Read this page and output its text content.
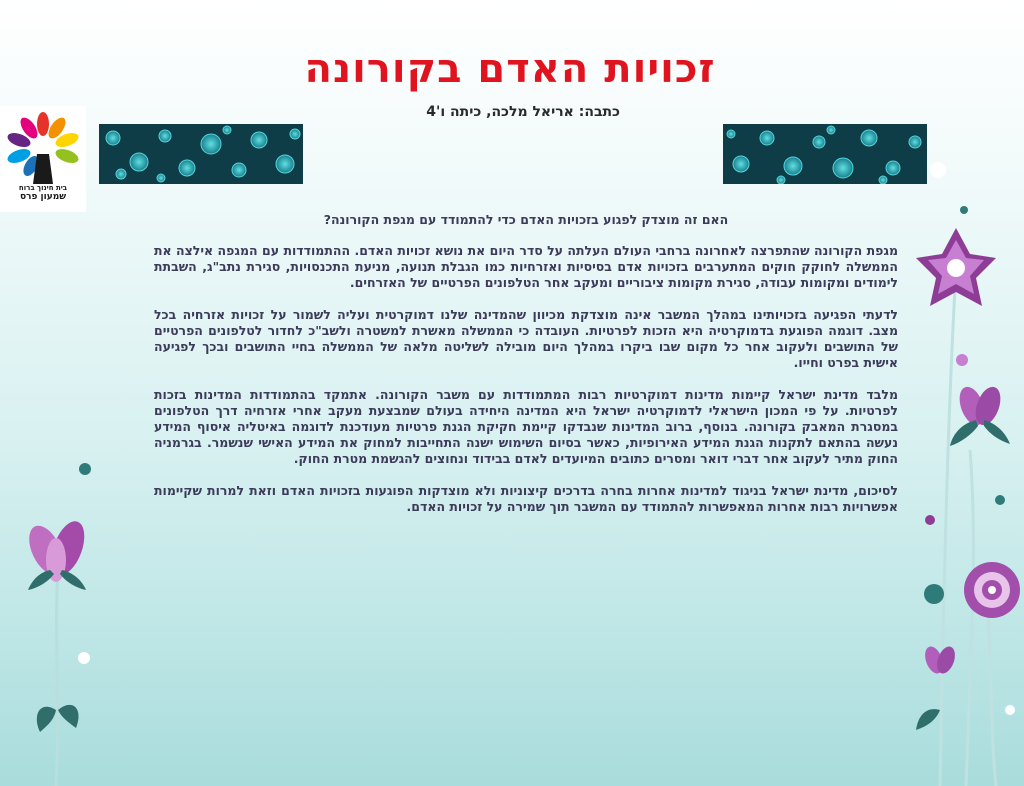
זכויות האדם בקורונה
כתבה: אריאל מלכה, כיתה ו'4
בית חינוך ברוח
שמעון פרס

האם זה מוצדק לפגוע בזכויות האדם כדי להתמודד עם מגפת הקורונה?

מגפת הקורונה שהתפרצה לאחרונה ברחבי העולם העלתה על סדר היום את נושא זכויות האדם. ההתמודדות עם המגפה אילצה את הממשלה לחוקק חוקים המתערבים בזכויות אדם בסיסיות ואזרחיות כמו הגבלת תנועה, מניעת התכנסויות, סגירת נתב"ג, השבתת לימודים ומקומות עבודה, סגירת מקומות ציבוריים ומעקב אחר הטלפונים הפרטיים של האזרחים.

לדעתי הפגיעה בזכויותינו במהלך המשבר אינה מוצדקת מכיוון שהמדינה שלנו דמוקרטית ועליה לשמור על זכויות אזרחיה בכל מצב. דוגמה הפוגעת בדמוקרטיה היא הזכות לפרטיות. העובדה כי הממשלה מאשרת למשטרה ולשב"כ לחדור לטלפונים הפרטיים של התושבים ולעקוב אחר כל מקום שבו ביקרו במהלך היום מובילה לשליטה מלאה של הממשלה בחיי התושבים ובכך לפגיעה אישית בפרט וחייו.

מלבד מדינת ישראל קיימות מדינות דמוקרטיות רבות המתמודדות עם משבר הקורונה. אתמקד בהתמודדות המדינות בזכות לפרטיות. על פי המכון הישראלי לדמוקרטיה ישראל היא המדינה היחידה בעולם שמבצעת מעקב אחרי אזרחיה דרך הטלפונים במסגרת המאבק בקורונה. בנוסף, ברוב המדינות שנבדקו קיימת חקיקת הגנת פרטיות מעודכנת לדוגמה באיטליה איסוף המידע נעשה בהתאם לתקנות הגנת המידע האירופיות, כאשר בסיום השימוש ישנה התחייבות למחוק את המידע האישי שנשמר. בגרמניה החוק מתיר לעקוב אחר דברי דואר ומסרים כתובים המיועדים לאדם בבידוד ונחוצים להגשמת מטרת החוק.

לסיכום, מדינת ישראל בניגוד למדינות אחרות בחרה בדרכים קיצוניות ולא מוצדקות הפוגעות בזכויות האדם וזאת למרות שקיימות אפשרויות רבות אחרות המאפשרות להתמודד עם המשבר תוך שמירה על זכויות האדם.
